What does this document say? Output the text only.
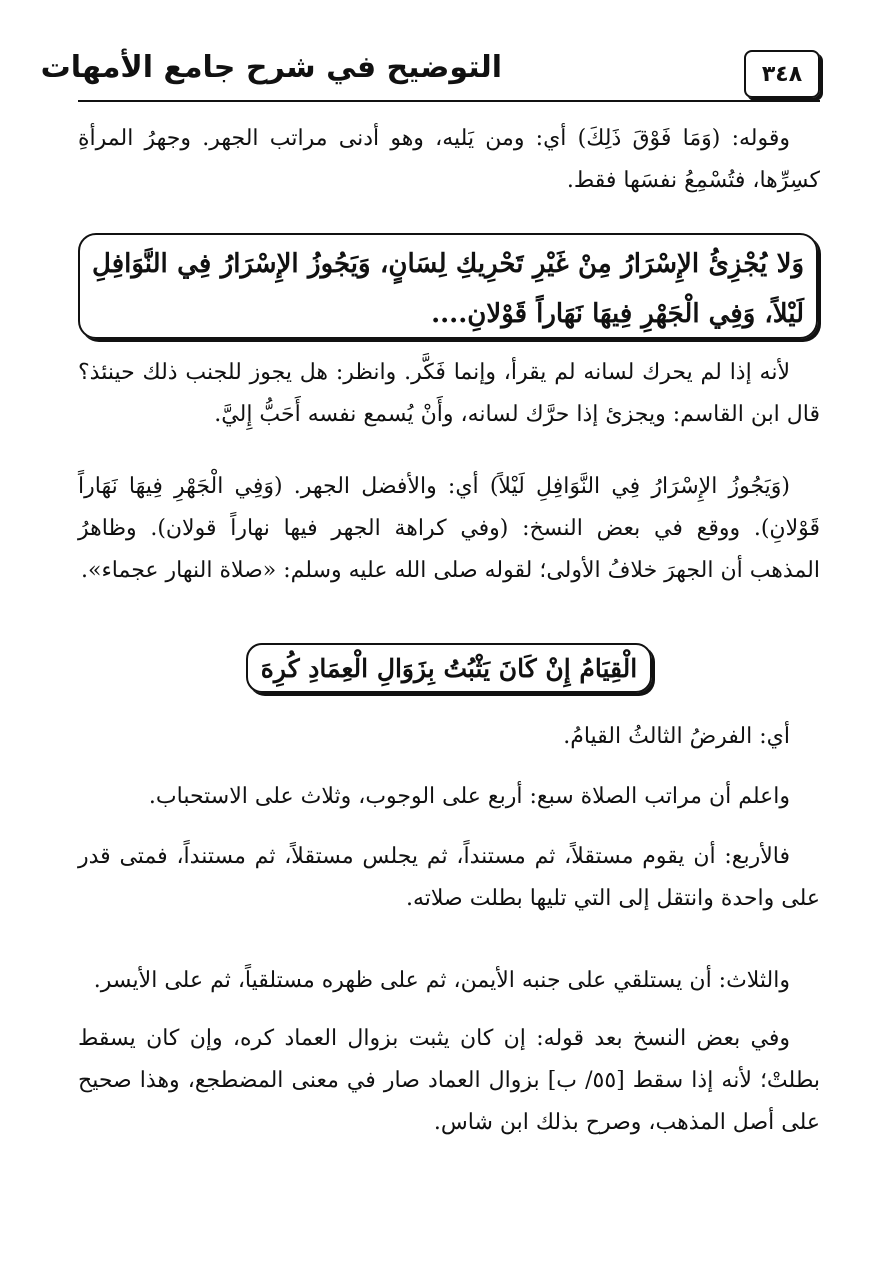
التوضيح في شرح جامع الأمهات	٣٤٨
وقوله: (وَمَا فَوْقَ ذَلِكَ) أي: ومن يَليه، وهو أدنى مراتب الجهر. وجهرُ المرأةِ كسِرِّها، فتُسْمِعُ نفسَها فقط.
وَلا يُجْزِئُ الإِسْرَارُ مِنْ غَيْرِ تَحْرِيكِ لِسَانٍ، وَيَجُوزُ الإِسْرَارُ فِي النَّوَافِلِ لَيْلاً، وَفِي الْجَهْرِ فِيهَا نَهَاراً قَوْلانِ....
لأنه إذا لم يحرك لسانه لم يقرأ، وإنما فَكَّر. وانظر: هل يجوز للجنب ذلك حينئذ؟ قال ابن القاسم: ويجزئ إذا حرَّك لسانه، وأَنْ يُسمع نفسه أَحَبُّ إِليَّ.
(وَيَجُوزُ الإِسْرَارُ فِي النَّوَافِلِ لَيْلاً) أي: والأفضل الجهر. (وَفِي الْجَهْرِ فِيهَا نَهَاراً قَوْلانِ). ووقع في بعض النسخ: (وفي كراهة الجهر فيها نهاراً قولان). وظاهرُ المذهب أن الجهرَ خلافُ الأولى؛ لقوله صلى الله عليه وسلم: «صلاة النهار عجماء».
الْقِيَامُ إِنْ كَانَ يَثْبُتُ بِزَوَالِ الْعِمَادِ كُرِهَ
أي: الفرضُ الثالثُ القيامُ.
واعلم أن مراتب الصلاة سبع: أربع على الوجوب، وثلاث على الاستحباب.
فالأربع: أن يقوم مستقلاً، ثم مستنداً، ثم يجلس مستقلاً، ثم مستنداً، فمتى قدر على واحدة وانتقل إلى التي تليها بطلت صلاته.
والثلاث: أن يستلقي على جنبه الأيمن، ثم على ظهره مستلقياً، ثم على الأيسر.
وفي بعض النسخ بعد قوله: إن كان يثبت بزوال العماد كره، وإن كان يسقط بطلتْ؛ لأنه إذا سقط [٥٥/ ب] بزوال العماد صار في معنى المضطجع، وهذا صحيح على أصل المذهب، وصرح بذلك ابن شاس.
